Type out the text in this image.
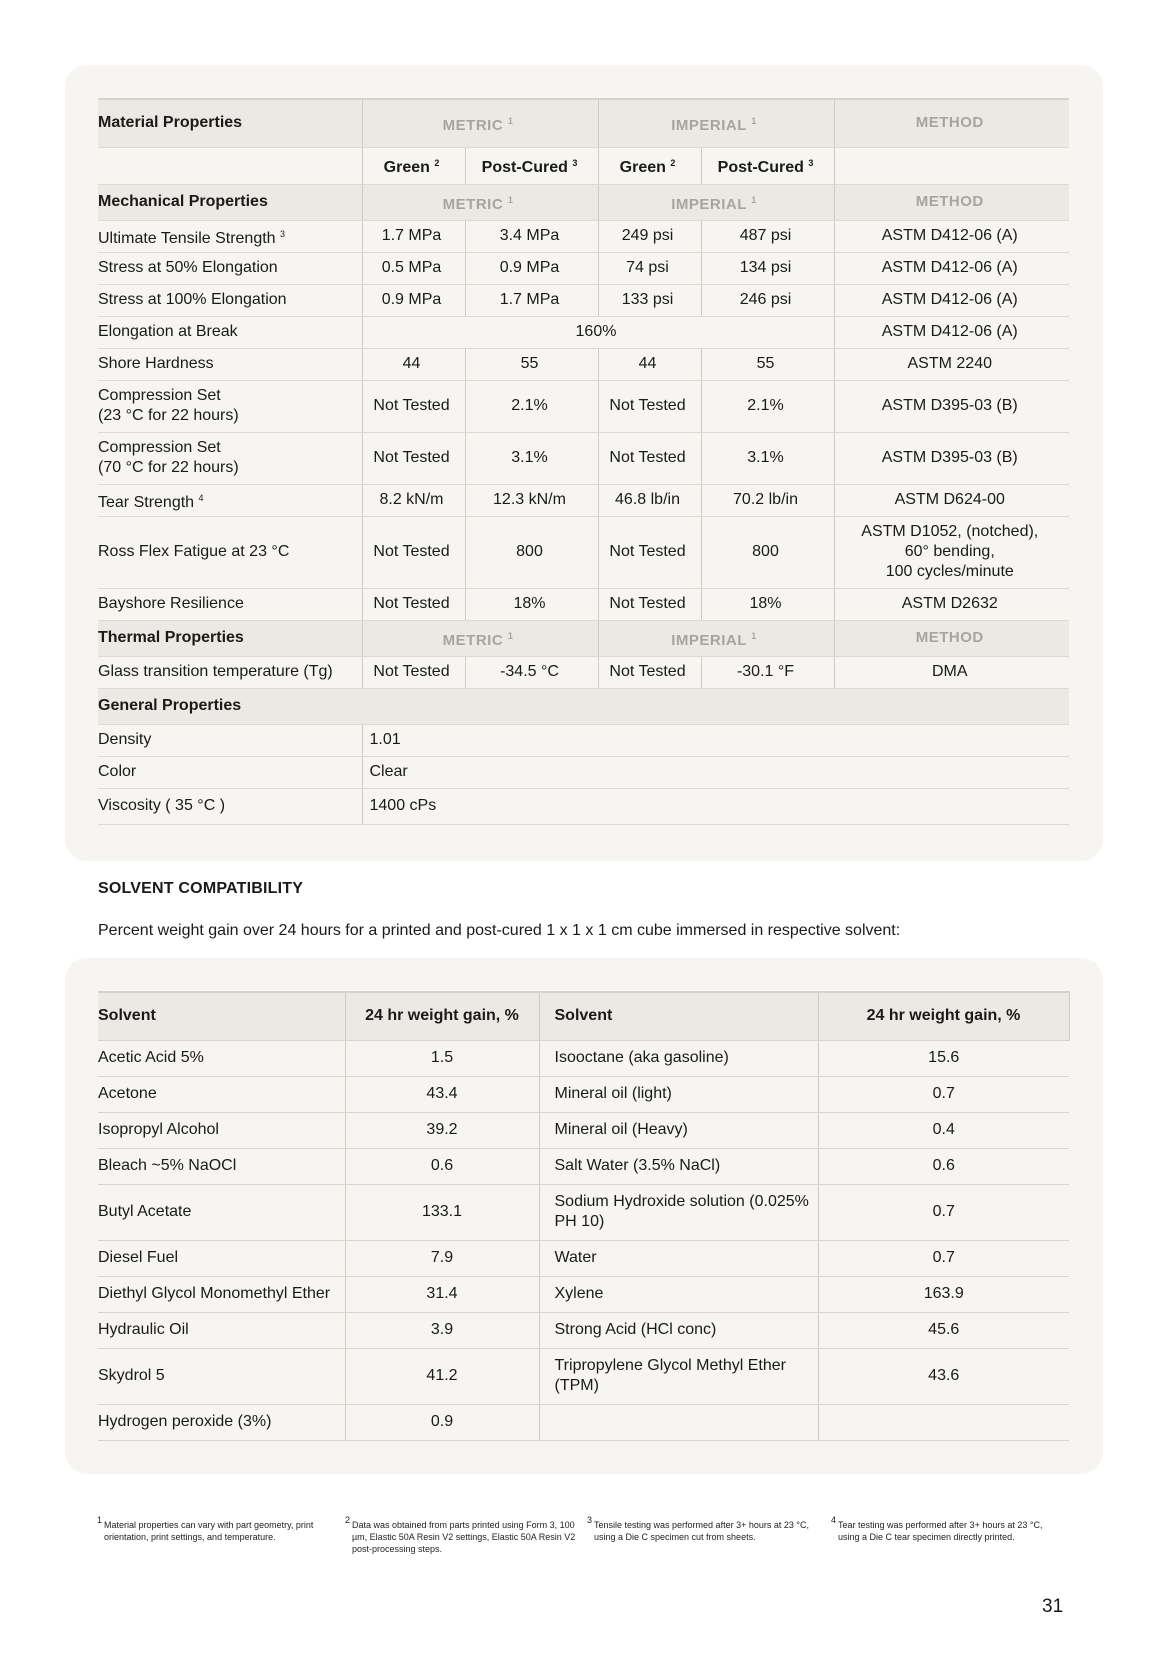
Material Properties	METRIC $^1$		IMPERIAL $^1$		METHOD
	Green $^2$	Post-Cured $^3$	Green $^2$	Post-Cured $^3$	
Mechanical Properties	METRIC $^1$		IMPERIAL $^1$		METHOD
Ultimate Tensile Strength $^3$	1.7 MPa	3.4 MPa	249 psi	487 psi	ASTM D412-06 (A)
Stress at 50% Elongation	0.5 MPa	0.9 MPa	74 psi	134 psi	ASTM D412-06 (A)
Stress at 100% Elongation	0.9 MPa	1.7 MPa	133 psi	246 psi	ASTM D412-06 (A)
Elongation at Break	160%				ASTM D412-06 (A)
Shore Hardness	44	55	44	55	ASTM 2240
Compression Set
(23 °C for 22 hours)	Not Tested	2.1%	Not Tested	2.1%	ASTM D395-03 (B)
Compression Set
(70 °C for 22 hours)	Not Tested	3.1%	Not Tested	3.1%	ASTM D395-03 (B)
Tear Strength $^4$	8.2 kN/m	12.3 kN/m	46.8 lb/in	70.2 lb/in	ASTM D624-00
Ross Flex Fatigue at 23 °C	Not Tested	800	Not Tested	800	ASTM D1052, (notched),
60° bending,
100 cycles/minute
Bayshore Resilience	Not Tested	18%	Not Tested	18%	ASTM D2632
Thermal Properties	METRIC $^1$		IMPERIAL $^1$		METHOD
Glass transition temperature (Tg)	Not Tested	-34.5 °C	Not Tested	-30.1 °F	DMA
General Properties					
Density	1.01				
Color	Clear				
Viscosity ( 35 °C )	1400 cPs				
SOLVENT COMPATIBILITY
Percent weight gain over 24 hours for a printed and post-cured 1 x 1 x 1 cm cube immersed in respective solvent:
Solvent	24 hr weight gain, %	Solvent	24 hr weight gain, %
Acetic Acid 5%	1.5	Isooctane (aka gasoline)	15.6
Acetone	43.4	Mineral oil (light)	0.7
Isopropyl Alcohol	39.2	Mineral oil (Heavy)	0.4
Bleach ~5% NaOCl	0.6	Salt Water (3.5% NaCl)	0.6
Butyl Acetate	133.1	Sodium Hydroxide solution (0.025%
PH 10)	0.7
Diesel Fuel	7.9	Water	0.7
Diethyl Glycol Monomethyl Ether	31.4	Xylene	163.9
Hydraulic Oil	3.9	Strong Acid (HCl conc)	45.6
Skydrol 5	41.2	Tripropylene Glycol Methyl Ether
(TPM)	43.6
Hydrogen peroxide (3%)	0.9		
1 Material properties can vary with part geometry, print orientation, print settings, and temperature.
2 Data was obtained from parts printed using Form 3, 100 µm, Elastic 50A Resin V2 settings, Elastic 50A Resin V2 post-processing steps.
3 Tensile testing was performed after 3+ hours at 23 °C, using a Die C specimen cut from sheets.
4 Tear testing was performed after 3+ hours at 23 °C, using a Die C tear specimen directly printed.
31
